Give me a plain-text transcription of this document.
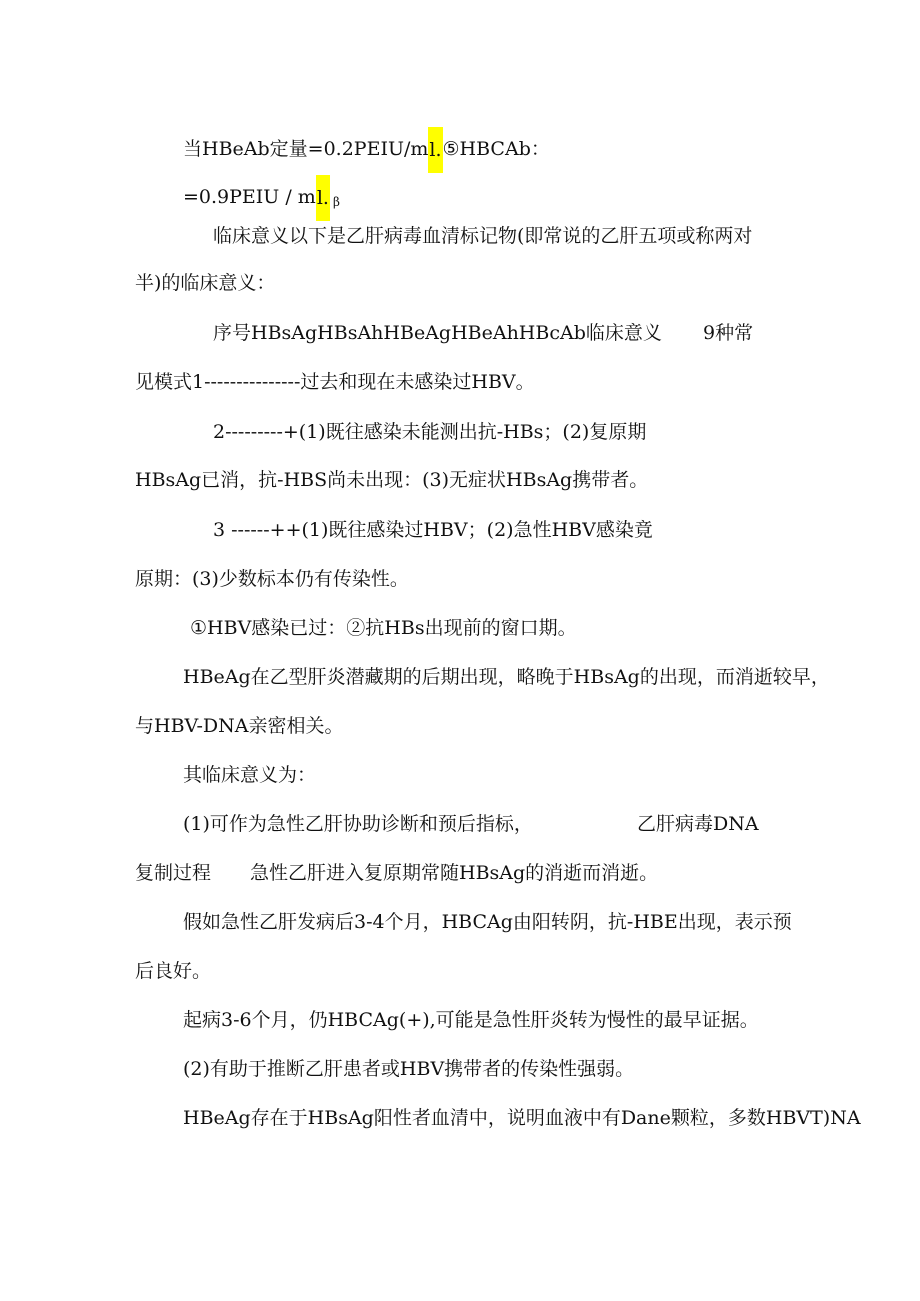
当HBeAb定量=0.2PEIU/ml.⑤HBCAb：
=0.9PEIU / ml. $_\beta$
临床意义以下是乙肝病毒血清标记物(即常说的乙肝五项或称两对
半)的临床意义：
序号HBsAgHBsAhHBeAgHBeAhHBcAb临床意义 9种常
见模式1---------------过去和现在未感染过HBV。
2---------+(1)既往感染未能测出抗-HBs；(2)复原期
HBsAg已消，抗-HBS尚未出现：(3)无症状HBsAg携带者。
3 ------++(1)既往感染过HBV；(2)急性HBV感染竟
原期：(3)少数标本仍有传染性。
①HBV感染已过：②抗HBs出现前的窗口期。
HBeAg在乙型肝炎潜藏期的后期出现，略晚于HBsAg的出现，而消逝较早，
与HBV-DNA亲密相关。
其临床意义为：
(1)可作为急性乙肝协助诊断和预后指标，	乙肝病毒DNA
复制过程 急性乙肝进入复原期常随HBsAg的消逝而消逝。
假如急性乙肝发病后3-4个月，HBCAg由阳转阴，抗-HBE出现，表示预
后良好。
起病3-6个月，仍HBCAg(+),可能是急性肝炎转为慢性的最早证据。
(2)有助于推断乙肝患者或HBV携带者的传染性强弱。
HBeAg存在于HBsAg阳性者血清中，说明血液中有Dane颗粒，多数HBVT)NA
